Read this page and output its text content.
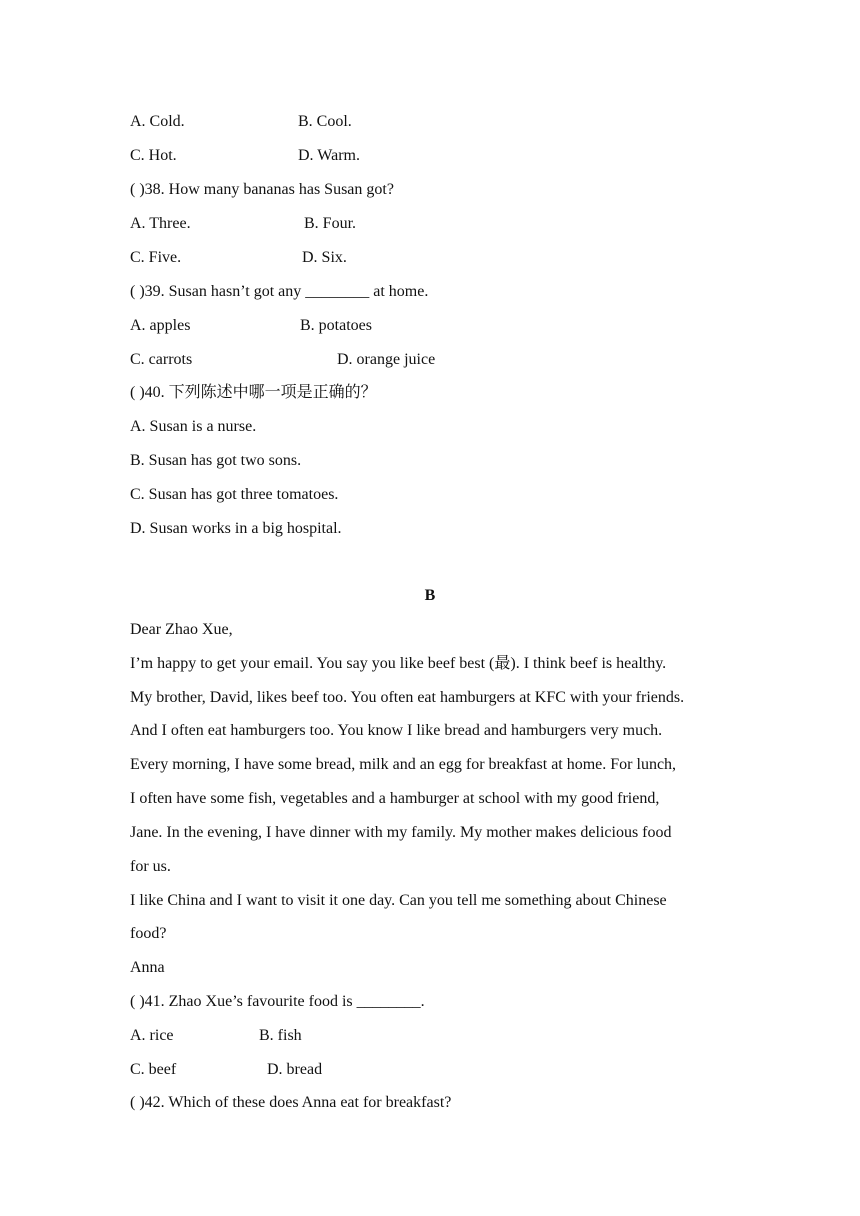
A. Cold.	B. Cool.
C. Hot.	D. Warm.
( )38. How many bananas has Susan got?
A. Three.	B. Four.
C. Five.	D. Six.
( )39. Susan hasn’t got any ________ at home.
A. apples	B. potatoes
C. carrots	D. orange juice
( )40. 下列陈述中哪一项是正确的？
A. Susan is a nurse.
B. Susan has got two sons.
C. Susan has got three tomatoes.
D. Susan works in a big hospital.
B
Dear Zhao Xue,
I’m happy to get your email. You say you like beef best (最). I think beef is healthy.
My brother, David, likes beef too. You often eat hamburgers at KFC with your friends.
And I often eat hamburgers too. You know I like bread and hamburgers very much.
Every morning, I have some bread, milk and an egg for breakfast at home. For lunch,
I often have some fish, vegetables and a hamburger at school with my good friend,
Jane. In the evening, I have dinner with my family. My mother makes delicious food
for us.
I like China and I want to visit it one day. Can you tell me something about Chinese
food?
Anna
( )41. Zhao Xue’s favourite food is ________.
A. rice	B. fish
C. beef	D. bread
( )42. Which of these does Anna eat for breakfast?
